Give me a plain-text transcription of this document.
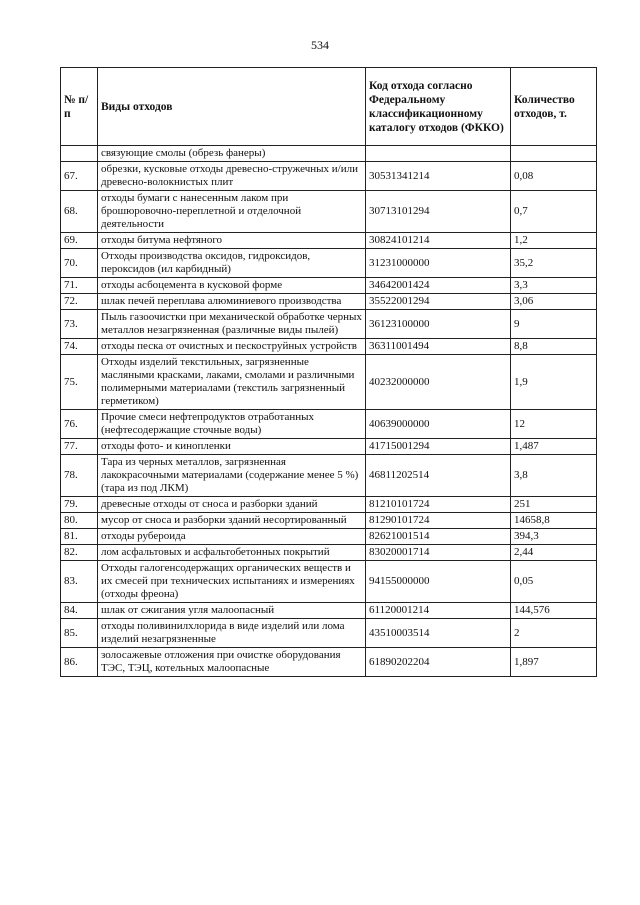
534
№ п/п	Виды отходов	Код отхода согласно Федеральному классификационному каталогу отходов (ФККО)	Количество отходов, т.
	связующие смолы (обрезь фанеры)		
67.	обрезки, кусковые отходы древесно-стружечных и/или древесно-волокнистых плит	30531341214	0,08
68.	отходы бумаги с нанесенным лаком при брошюровочно-переплетной и отделочной деятельности	30713101294	0,7
69.	отходы битума нефтяного	30824101214	1,2
70.	Отходы производства оксидов, гидроксидов, пероксидов (ил карбидный)	31231000000	35,2
71.	отходы асбоцемента в кусковой форме	34642001424	3,3
72.	шлак печей переплава алюминиевого производства	35522001294	3,06
73.	Пыль газоочистки при механической обработке черных металлов незагрязненная (различные виды пылей)	36123100000	9
74.	отходы песка от очистных и пескоструйных устройств	36311001494	8,8
75.	Отходы изделий текстильных, загрязненные масляными красками, лаками, смолами и различными полимерными материалами (текстиль загрязненный герметиком)	40232000000	1,9
76.	Прочие смеси нефтепродуктов отработанных (нефтесодержащие сточные воды)	40639000000	12
77.	отходы фото- и кинопленки	41715001294	1,487
78.	Тара из черных металлов, загрязненная лакокрасочными материалами (содержание менее 5 %) (тара из под ЛКМ)	46811202514	3,8
79.	древесные отходы от сноса и разборки зданий	81210101724	251
80.	мусор от сноса и разборки зданий несортированный	81290101724	14658,8
81.	отходы рубероида	82621001514	394,3
82.	лом асфальтовых и асфальтобетонных покрытий	83020001714	2,44
83.	Отходы галогенсодержащих органических веществ и их смесей при технических испытаниях и измерениях (отходы фреона)	94155000000	0,05
84.	шлак от сжигания угля малоопасный	61120001214	144,576
85.	отходы поливинилхлорида в виде изделий или лома изделий незагрязненные	43510003514	2
86.	золосажевые отложения при очистке оборудования ТЭС, ТЭЦ, котельных малоопасные	61890202204	1,897
